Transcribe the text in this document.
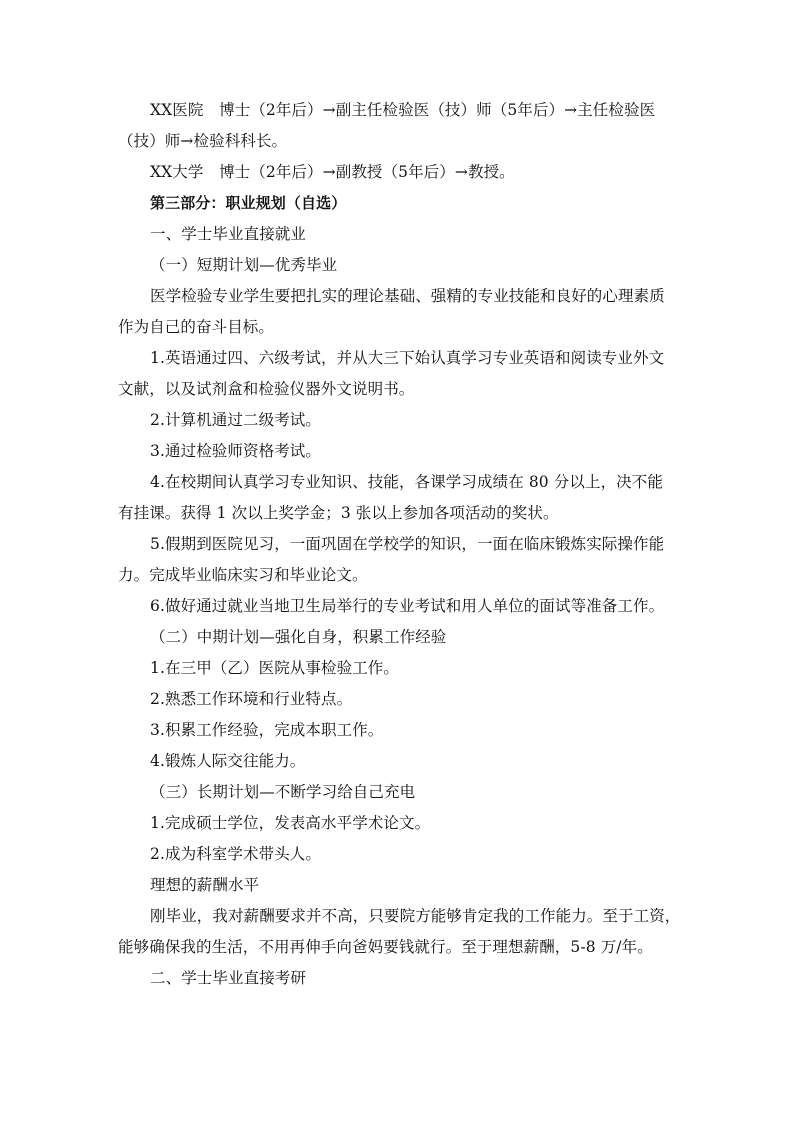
XX医院　博士（2年后）→副主任检验医（技）师（5年后）→主任检验医
（技）师→检验科科长。
XX大学　博士（2年后）→副教授（5年后）→教授。
第三部分：职业规划（自选）
一、学士毕业直接就业
（一）短期计划—优秀毕业
医学检验专业学生要把扎实的理论基础、强精的专业技能和良好的心理素质
作为自己的奋斗目标。
1.英语通过四、六级考试，并从大三下始认真学习专业英语和阅读专业外文
文献，以及试剂盒和检验仪器外文说明书。
2.计算机通过二级考试。
3.通过检验师资格考试。
4.在校期间认真学习专业知识、技能，各课学习成绩在 80 分以上，决不能
有挂课。获得 1 次以上奖学金；3 张以上参加各项活动的奖状。
5.假期到医院见习，一面巩固在学校学的知识，一面在临床锻炼实际操作能
力。完成毕业临床实习和毕业论文。
6.做好通过就业当地卫生局举行的专业考试和用人单位的面试等准备工作。
（二）中期计划—强化自身，积累工作经验
1.在三甲（乙）医院从事检验工作。
2.熟悉工作环境和行业特点。
3.积累工作经验，完成本职工作。
4.锻炼人际交往能力。
（三）长期计划—不断学习给自己充电
1.完成硕士学位，发表高水平学术论文。
2.成为科室学术带头人。
理想的薪酬水平
刚毕业，我对薪酬要求并不高，只要院方能够肯定我的工作能力。至于工资，
能够确保我的生活，不用再伸手向爸妈要钱就行。至于理想薪酬，5-8 万/年。
二、学士毕业直接考研
